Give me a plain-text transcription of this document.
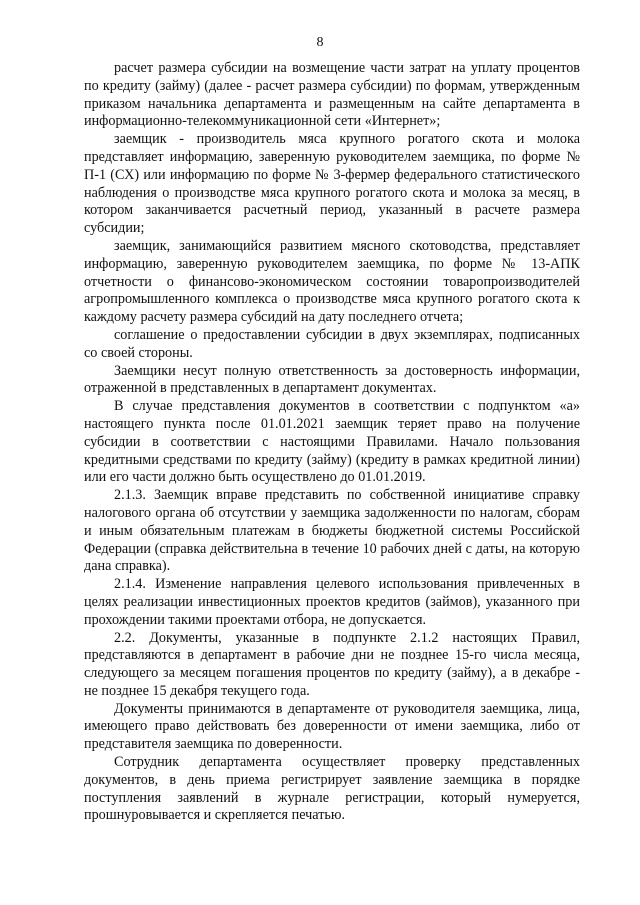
8

расчет размера субсидии на возмещение части затрат на уплату процентов по кредиту (займу) (далее - расчет размера субсидии) по формам, утвержденным приказом начальника департамента и размещенным на сайте департамента в информационно-телекоммуникационной сети «Интернет»;

заемщик - производитель мяса крупного рогатого скота и молока представляет информацию, заверенную руководителем заемщика, по форме № П-1 (СХ) или информацию по форме № 3-фермер федерального статистического наблюдения о производстве мяса крупного рогатого скота и молока за месяц, в котором заканчивается расчетный период, указанный в расчете размера субсидии;

заемщик, занимающийся развитием мясного скотоводства, представляет информацию, заверенную руководителем заемщика, по форме № 13-АПК отчетности о финансово-экономическом состоянии товаропроизводителей агропромышленного комплекса о производстве мяса крупного рогатого скота к каждому расчету размера субсидий на дату последнего отчета;

соглашение о предоставлении субсидии в двух экземплярах, подписанных со своей стороны.

Заемщики несут полную ответственность за достоверность информации, отраженной в представленных в департамент документах.

В случае представления документов в соответствии с подпунктом «а» настоящего пункта после 01.01.2021 заемщик теряет право на получение субсидии в соответствии с настоящими Правилами. Начало пользования кредитными средствами по кредиту (займу) (кредиту в рамках кредитной линии) или его части должно быть осуществлено до 01.01.2019.

2.1.3. Заемщик вправе представить по собственной инициативе справку налогового органа об отсутствии у заемщика задолженности по налогам, сборам и иным обязательным платежам в бюджеты бюджетной системы Российской Федерации (справка действительна в течение 10 рабочих дней с даты, на которую дана справка).

2.1.4. Изменение направления целевого использования привлеченных в целях реализации инвестиционных проектов кредитов (займов), указанного при прохождении такими проектами отбора, не допускается.

2.2. Документы, указанные в подпункте 2.1.2 настоящих Правил, представляются в департамент в рабочие дни не позднее 15-го числа месяца, следующего за месяцем погашения процентов по кредиту (займу), а в декабре - не позднее 15 декабря текущего года.

Документы принимаются в департаменте от руководителя заемщика, лица, имеющего право действовать без доверенности от имени заемщика, либо от представителя заемщика по доверенности.

Сотрудник департамента осуществляет проверку представленных документов, в день приема регистрирует заявление заемщика в порядке поступления заявлений в журнале регистрации, который нумеруется, прошнуровывается и скрепляется печатью.
